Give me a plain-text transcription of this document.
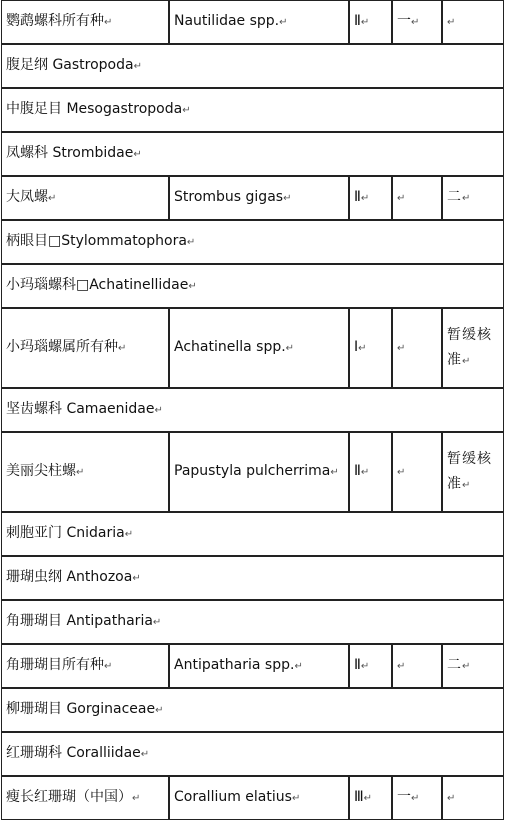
鹦鹉螺科所有种↵	Nautilidae spp.↵	Ⅱ↵	一↵	↵
腹足纲 Gastropoda↵				
中腹足目 Mesogastropoda↵				
凤螺科 Strombidae↵				
大凤螺↵	Strombus gigas↵	Ⅱ↵	↵	二↵
柄眼目□Stylommatophora↵				
小玛瑙螺科□Achatinellidae↵				
小玛瑙螺属所有种↵	Achatinella spp.↵	Ⅰ↵	↵	暂缓核准↵
坚齿螺科 Camaenidae↵				
美丽尖柱螺↵	Papustyla pulcherrima↵	Ⅱ↵	↵	暂缓核准↵
刺胞亚门 Cnidaria↵				
珊瑚虫纲 Anthozoa↵				
角珊瑚目 Antipatharia↵				
角珊瑚目所有种↵	Antipatharia spp.↵	Ⅱ↵	↵	二↵
柳珊瑚目 Gorginaceae↵				
红珊瑚科 Coralliidae↵				
瘦长红珊瑚（中国）↵	Corallium elatius↵	Ⅲ↵	一↵	↵
